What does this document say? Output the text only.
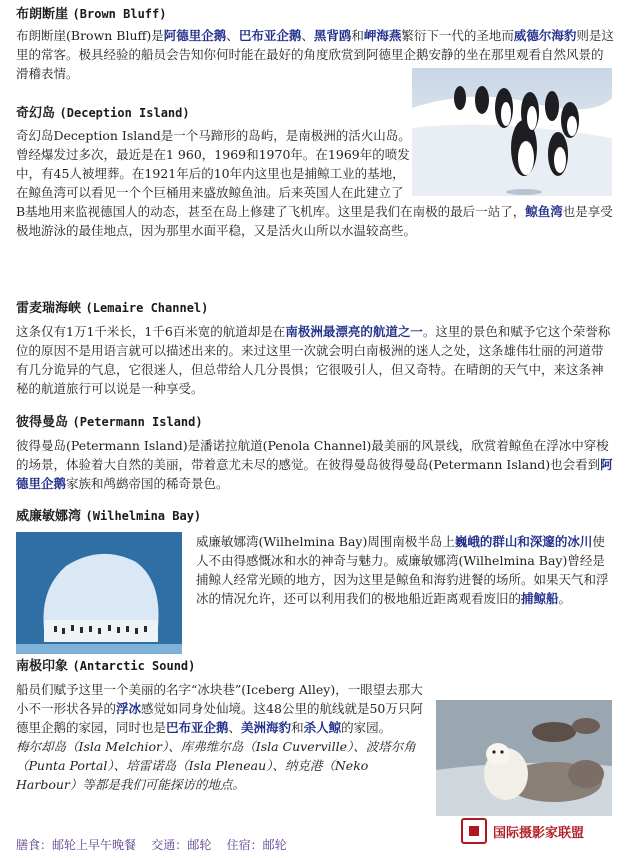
布朗断崖 (Brown Bluff)
布朗断崖(Brown Bluff)是阿德里企鹅、巴布亚企鹅、黑背鸥和岬海燕繁衍下一代的圣地而威德尔海豹则是这里的常客。极具经验的船员会告知你何时能在最好的角度欣赏到阿德里企鹅安静的坐在那里观看自然风景的滑稽表情。
奇幻岛 (Deception Island)
奇幻岛Deception Island是一个马蹄形的岛屿，是南极洲的活火山岛。曾经爆发过多次，最近是在1 960，1969和1970年。在1969年的喷发中，有45人被埋葬。在1921年后的10年内这里也是捕鲸工业的基地，在鲸鱼湾可以看见一个个巨桶用来盛放鲸鱼油。后来英国人在此建立了B基地用来监视德国人的动态，甚至在岛上修建了飞机库。这里是我们在南极的最后一站了，鲸鱼湾也是享受极地游泳的最佳地点，因为那里水面平稳，又是活火山所以水温较高些。
雷麦瑞海峡 (Lemaire Channel)
这条仅有1万1千米长，1千6百米宽的航道却是在南极洲最漂亮的航道之一。这里的景色和赋予它这个荣誉称位的原因不是用语言就可以描述出来的。来过这里一次就会明白南极洲的迷人之处，这条雄伟壮丽的河道带有几分诡异的气息，它很迷人，但总带给人几分畏惧；它很吸引人，但又奇特。在晴朗的天气中，来这条神秘的航道旅行可以说是一种享受。
彼得曼岛 (Petermann Island)
彼得曼岛(Petermann Island)是潘诺拉航道(Penola Channel)最美丽的风景线，欣赏着鲸鱼在浮冰中穿梭的场景，体验着大自然的美丽，带着意尤未尽的感觉。在彼得曼岛彼得曼岛(Petermann Island)也会看到阿德里企鹅家族和鸬鹚帝国的稀奇景色。
威廉敏娜湾 (Wilhelmina Bay)
威廉敏娜湾(Wilhelmina Bay)周围南极半岛上巍峨的群山和深邃的冰川使人不由得感慨冰和水的神奇与魅力。威廉敏娜湾(Wilhelmina Bay)曾经是捕鲸人经常光顾的地方，因为这里是鲸鱼和海豹进餐的场所。如果天气和浮冰的情况允许，还可以利用我们的极地船近距离观看废旧的捕鲸船。
南极印象 (Antarctic Sound)
船员们赋予这里一个美丽的名字“冰块巷”(Iceberg Alley)，一眼望去那大小不一形状各异的浮冰感觉如同身处仙境。这48公里的航线就是50万只阿德里企鹅的家园，同时也是巴布亚企鹅、美洲海豹和杀人鲸的家园。
梅尔却岛（Isla Melchior）、库弗维尔岛（Isla Cuverville）、波塔尔角（Punta Portal）、培雷诺岛（Isla Pleneau）、纳克港（Neko Harbour）等都是我们可能探访的地点。
膳食：邮轮上早午晚餐 交通：邮轮 住宿：邮轮
国际摄影家联盟
